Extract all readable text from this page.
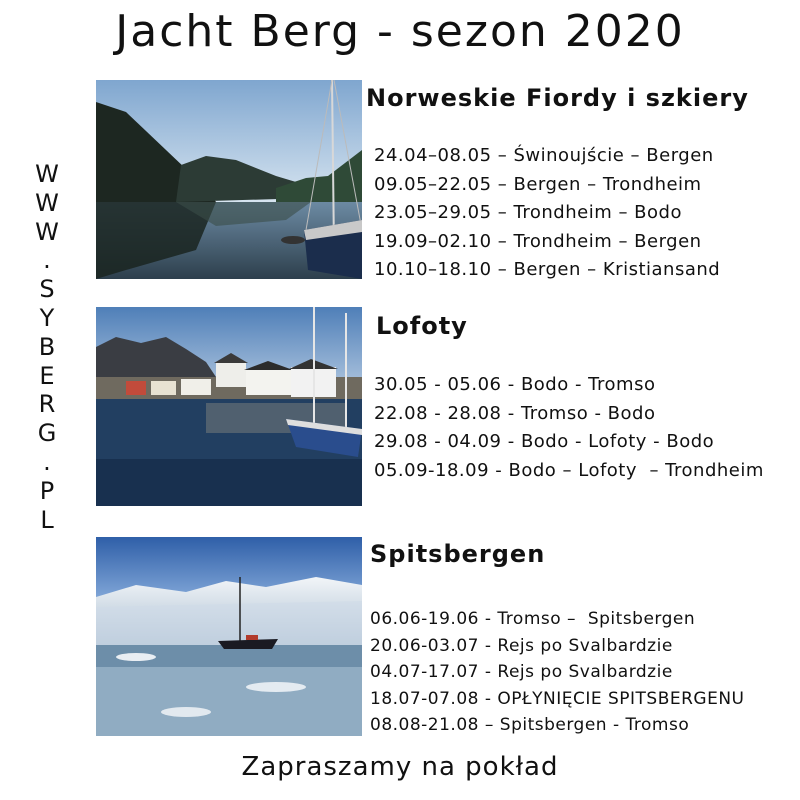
Jacht Berg - sezon 2020
W
W
W
.
S
Y
B
E
R
G
.
P
L
Norweskie Fiordy i szkiery
24.04–08.05 – Świnoujście – Bergen
09.05–22.05 – Bergen – Trondheim
23.05–29.05 – Trondheim – Bodo
19.09–02.10 – Trondheim – Bergen
10.10–18.10 – Bergen – Kristiansand
Lofoty
30.05 - 05.06 - Bodo - Tromso
22.08 - 28.08 - Tromso - Bodo
29.08 - 04.09 - Bodo - Lofoty - Bodo
05.09-18.09 - Bodo – Lofoty  – Trondheim
Spitsbergen
06.06-19.06 - Tromso –  Spitsbergen
20.06-03.07 - Rejs po Svalbardzie
04.07-17.07 - Rejs po Svalbardzie
18.07-07.08 - OPŁYNIĘCIE SPITSBERGENU
08.08-21.08 – Spitsbergen - Tromso
Zapraszamy na pokład
